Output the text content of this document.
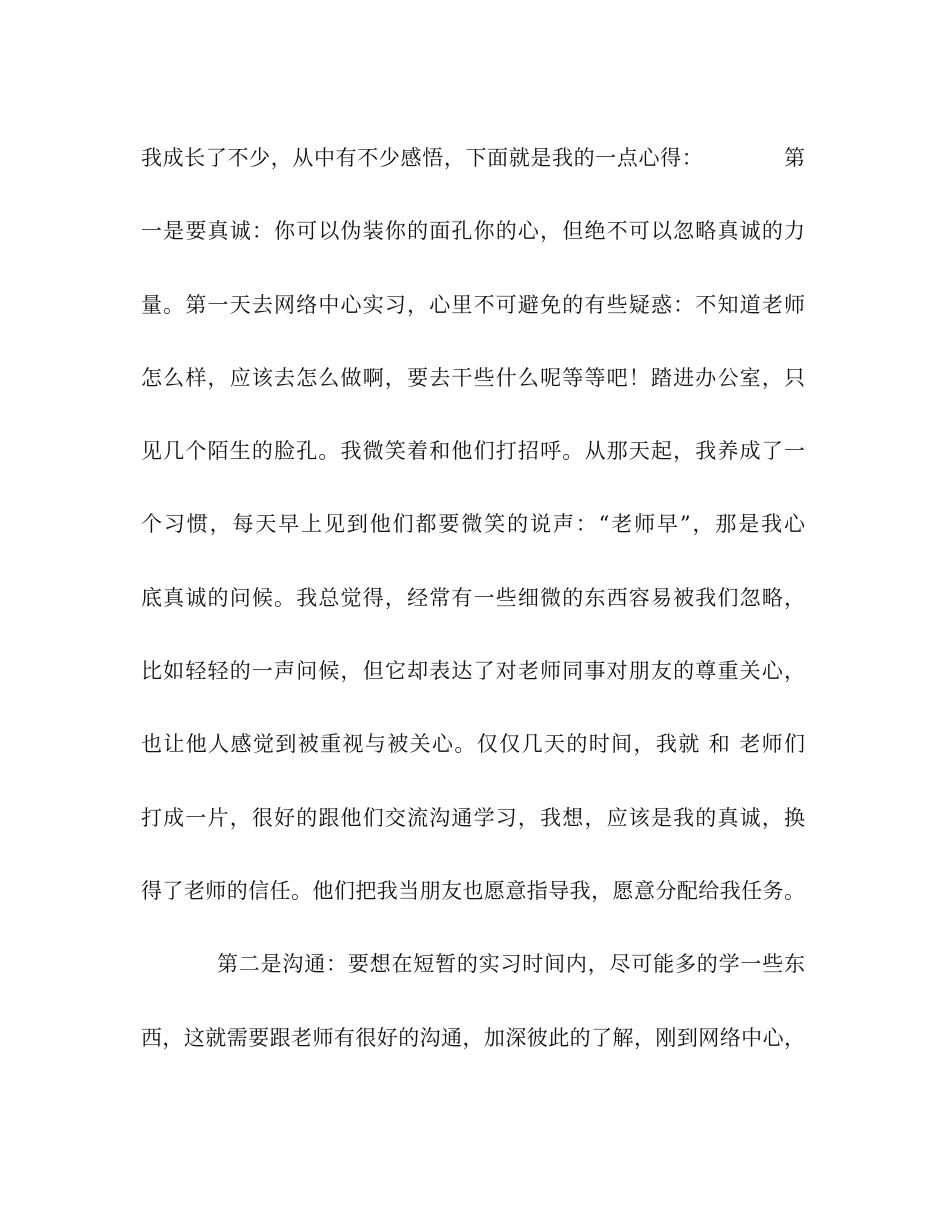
我成长了不少，从中有不少感悟，下面就是我的一点心得：	第
一是要真诚：你可以伪装你的面孔你的心，但绝不可以忽略真诚的力
量。第一天去网络中心实习，心里不可避免的有些疑惑：不知道老师
怎么样，应该去怎么做啊，要去干些什么呢等等吧！踏进办公室，只
见几个陌生的脸孔。我微笑着和他们打招呼。从那天起，我养成了一
个习惯，每天早上见到他们都要微笑的说声：“老师早”，那是我心
底真诚的问候。我总觉得，经常有一些细微的东西容易被我们忽略，
比如轻轻的一声问候，但它却表达了对老师同事对朋友的尊重关心，
也让他人感觉到被重视与被关心。仅仅几天的时间，我就 和 老师们
打成一片，很好的跟他们交流沟通学习，我想，应该是我的真诚，换
得了老师的信任。他们把我当朋友也愿意指导我，愿意分配给我任务。
第二是沟通：要想在短暂的实习时间内，尽可能多的学一些东
西，这就需要跟老师有很好的沟通，加深彼此的了解，刚到网络中心，
